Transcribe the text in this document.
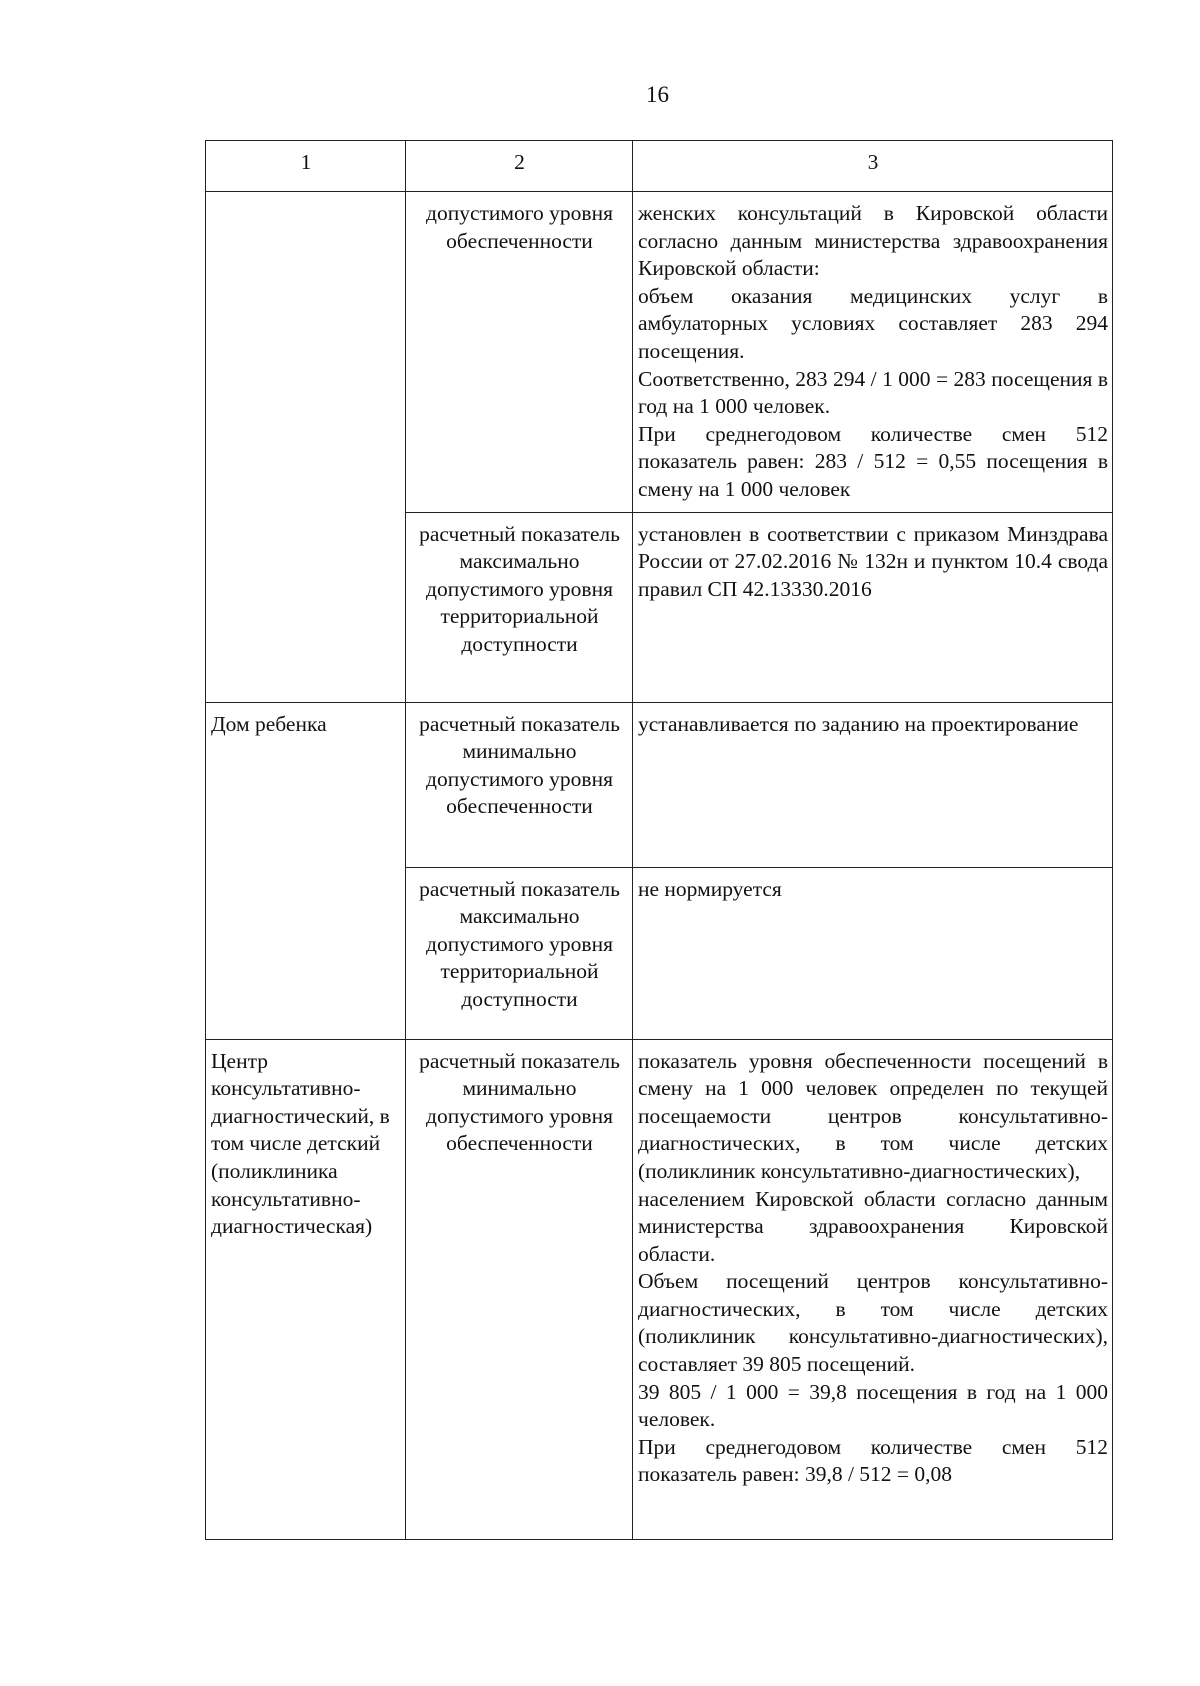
16
1	2	3
	допустимого уровня обеспеченности	женских консультаций в Кировской области согласно данным министерства здравоохранения Кировской области:

объем оказания медицинских услуг в амбулаторных условиях составляет 283 294 посещения.

Соответственно, 283 294 / 1 000 = 283 посещения в год на 1 000 человек.

При среднегодовом количестве смен 512 показатель равен: 283 / 512 = 0,55 посещения в смену на 1 000 человек

	расчетный показатель максимально допустимого уровня территориальной доступности	установлен в соответствии с приказом Минздрава России от 27.02.2016 № 132н и пунктом 10.4 свода правил СП 42.13330.2016

Дом ребенка	расчетный показатель минимально допустимого уровня обеспеченности	устанавливается по заданию на проектирование

	расчетный показатель максимально допустимого уровня территориальной доступности	не нормируется

Центр консультативно-диагностический, в том числе детский (поликлиника консультативно-диагностическая)	расчетный показатель минимально допустимого уровня обеспеченности	показатель уровня обеспеченности посещений в смену на 1 000 человек определен по текущей посещаемости центров консультативно-диагностических, в том числе детских (поликлиник консультативно-диагностических),

населением Кировской области согласно данным министерства здравоохранения Кировской области.

Объем посещений центров консультативно-диагностических, в том числе детских (поликлиник консультативно-диагностических), составляет 39 805 посещений.

39 805 / 1 000 = 39,8 посещения в год на 1 000 человек.

При среднегодовом количестве смен 512 показатель равен: 39,8 / 512 = 0,08
